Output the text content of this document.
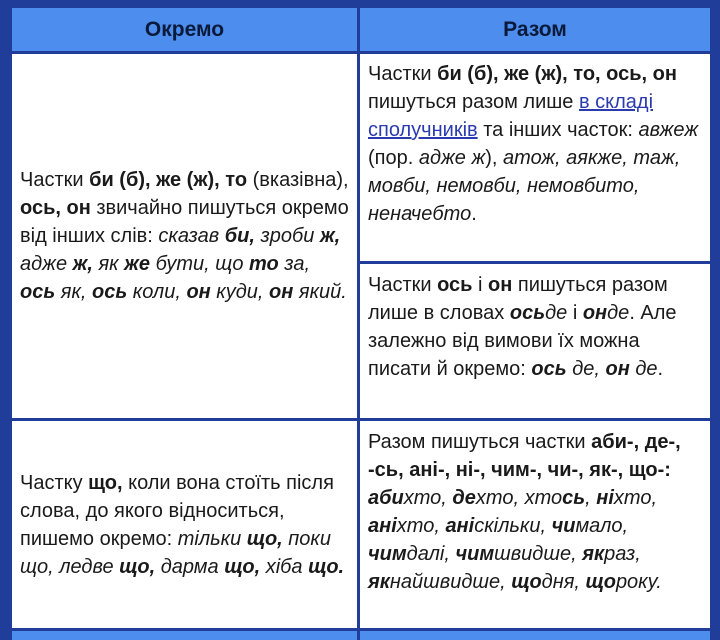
Окремо	Разом
Частки би (б), же (ж), то (вказівна), ось, он звичайно пишуться окремо від інших слів: сказав би, зроби ж, адже ж, як же бути, що то за, ось як, ось коли, он куди, он який.
Частки би (б), же (ж), то, ось, он пишуться разом лише в складі сполучників та інших часток: авжеж (пор. адже ж), атож, аякже, таж, мовби, немовби, немовбито, неначебто.
Частки ось і он пишуться разом лише в словах осьде і онде. Але залежно від вимови їх можна писати й окремо: ось де, он де.
Частку що, коли вона стоїть після слова, до якого відноситься, пишемо окремо: тільки що, поки що, ледве що, дарма що, хіба що.
Разом пишуться частки аби-, де-, -сь, ані-, ні-, чим-, чи-, як-, що-: абихто, дехто, хтось, ніхто, аніхто, аніскільки, чимало, чимдалі, чимшвидше, якраз, якнайшвидше, щодня, щороку.
